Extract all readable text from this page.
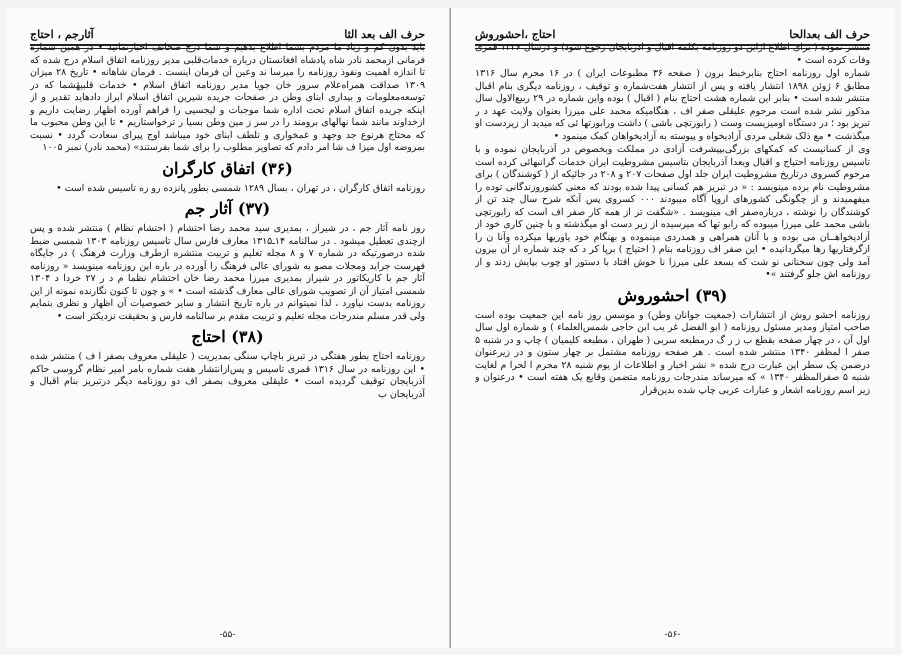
حرف الف بعد الثا
آثارجم ، احتاج

باید بدون کم و زیاد ما مردم بشما اطلاع بدهیم و شما درج صحائف اخبارنمائید • در همین شماره فرمانی ازمحمد نادر شاه پادشاه افغانستان درباره خدمات‌قلبی مدیر روزنامه اتفاق اسلام درج شده که تا اندازه اهمیت ونفوذ روزنامه را میرسا ند وعین آن فرمان اینست . فرمان شاهانه • تاریخ ۲۸ میزان ۱۳۰۹ صداقت همراه‌علام سرور خان جویا مدیر روزنامه اتفاق اسلام • خدمات قلبیهٔشما که در توسعه‌معلومات و بیداری ابنای وطن در صفحات جریده شیرین اتفاق اسلام ابراز دادهاید تقدیر و از اینکه جریده اتفاق اسلام تحت اداره شما موجبات و لیجسیی را فراهم آورده اظهار رضایت داریم و ازخداوند مانند شما نهالهای برومند را در سر ز مین وطن بسیا ر ترخواستاریم • تا این وطن محبوب ما که محتاج هرنوع جد وجهد و غمخواری و تلطف ابنای خود میباشد اوج پیرای سعادت گردد • نسبت بمروضه اول میزا ف شا امر دادم که تصاویر مطلوب را برای شما بفرستند» (محمد نادر) نمبر ۱۰۰۵

(۳۶) اتفاق کارگران

روزنامه اتفاق کارگران ، در تهران ، بسال ۱۲۸۹ شمسی بطور پانزده رو زه تاسیس شده است •

(۳۷) آثار جم

روز نامه آثار جم ، در شیراز ، بمدیری سید محمد رضا احتشام ( احتشام نظام ) منتشر شده و پس ازچندی تعطیل میشود . در سالنامه ۱۴ـ۱۳۱۵ معارف فارس سال تاسیس روزنامه ۱۳۰۳ شمسی ضبط شده درصورتیکه در شماره ۷ و ۸ مجله تعلیم و تربیت منتشره ازطرف وزارت فرهنگ ) در جایگاه فهرست جراید ومجلات مصو به شورای عالی فرهنگ را آورده در باره این روزنامه مینویسد « روزنامه آثار جم با کاریکاتور در شیراز بمدیری میرزا محمد رضا خان احتشام نظما م د ر ۲۷ خردا د ۱۳۰۴ شمسی امتیاز آن از تصویب شورای عالی معارف گذشته است • » و چون تا کنون نگارنده نمونه از این روزنامه بدست نیاورد ، لذا نمیتوانم در باره تاریخ انتشار و سایر خصوصیات آن اظهار و نظری بنمایم ولی قدر مسلم مندرجات مجله تعلیم و تربیت مقدم بر سالنامه فارس و بحقیقت نزدیکتر است •

(۳۸) احتاج

روزنامه احتاج بطور هفتگی در تبریز باچاپ سنگی بمدیریت ( علیقلی معروف بصفر ا ف ) منتشر شده • این روزنامه در سال ۱۳۱۶ قمری تاسیس و پس‌ازانتشار هفت شماره بامر امیر نظام گروسی حاکم آذربایجان توقیف گردیده است • علیقلی معروف بصفر اف دو روزنامه دیگر درتبریز بنام اقبال و آذربایجان ب

-۵۵-
حرف الف بعدالحا
احتاج ،احشوروش

منتشر نموده ( برای اطلاع ازاین دو روزنامه بکلمه اقبال و آذربایجان رجوع شود) و درسال ۱۳۲۶ قمری وفات کرده است •

شماره اول روزنامه احتاج بنابرخبط برون ( صفحه ۳۶ مطبوعات ایران ) در ۱۶ محرم سال ۱۳۱۶ مطابق ۶ ژوئن ۱۸۹۸ انتشار یافته و پس از انتشار هفت‌شماره و توقیف ، روزنامه دیگری بنام اقبال منتشر شده است • بنابر این شماره هشت احتاج بنام ( اقبال ) بوده واین شماره در ۲۹ ربیع‌الاول سال مذکور نشر شده است مرحوم علیقلی صفر اف ، هنگامیکه محمد علی میرزا بعنوان ولایت عهد د ر تبریز بود ؛ در دستگاه اومیزیست وست ( رابورتچی باشی ) داشت ورابورتها ئی که میدید از زیردست او میگذشت • مع ذلک شغلی مردی آزادیخواه و پیوسته به آزادیخواهان کمک مینمود •

وی از کسانیست که کمکهای بزرگی‌بپیشرفت آزادی در مملکت وبخصوص در آذربایجان نموده و با تاسیس روزنامه احتیاج و اقبال وبعدا آذربایجان بتاسیس مشروطیت ایران خدمات گرانبهائی کرده است مرحوم کسروی درتاریخ مشروطیت ایران جلد اول صفحات ۲۰۷ و ۲۰۸ در جائیکه از ( کوشندگان ) برای مشروطیت نام برده مینویسد : « در تبریز هم کسانی پیدا شده بودند که معنی کشوروزندگانی توده را میفهمیدند و از چگونگی کشورهای اروپا آگاه میبودند ۰۰۰ کسروی پس آنکه شرح سال چند تن از کوشندگان را نوشته ، درباره‌صفر اف مینویسد . «شگفت تر از همه کار صفر اف است که رابورتچی باشی محمد علی میرزا میبوده که رابو تها که میرسیده از زیر دست او میگذشته و با چنین کاری خود از آزادیخواهــان می بوده و با آنان همراهی و همدردی مینموده و بهنگام خود یاوریها میکرده وآنا ن را ازگرفتاریها رها میگردانیده • این صفر اف روزنامه بنام ( احتیاج ) برپا کر د که چند شماره از آن بیرون آمد ولی چون سخنانی نو شت که بسعد علی میرزا نا خوش افتاد با دستور او چوب بپایش زدند و از روزنامه اش جلو گرفتند »•

(۳۹) احشوروش

روزنامه احشو روش از انتشارات (جمعیت جوانان وطن) و موسس روز نامه این جمعیت بوده است صاحب امتیاز ومدیر مسئول روزنامه ( ابو الفضل غر یب ابن حاجی شمس‌العلماء ) و شماره اول سال اول آن ، در چهار صفحه بقطع ب ز ر گ درمطبعه سربی ( طهران ، مطبعه کلیمیان ) چاپ و در شنبه ۵ صفر ا لمظفر ۱۳۴۰ منتشر شده است . هر صفحه روزنامه مشتمل بر چهار ستون و در زیرعنوان درضمن یک سطر این عبارت درج شده « نشر اخبار و اطلاعات از یوم شنبه ۲۸ محرم ا لحرا م لغایت شنبه ۵ صفرالمظفر ۱۳۴۰ » که میرساند مندرجات روزنامه متضمن وقایع یک هفته است • درعنوان و زیر اسم روزنامه اشعار و عبارات عربی چاپ شده بدین‌قرار

-۵۶-
